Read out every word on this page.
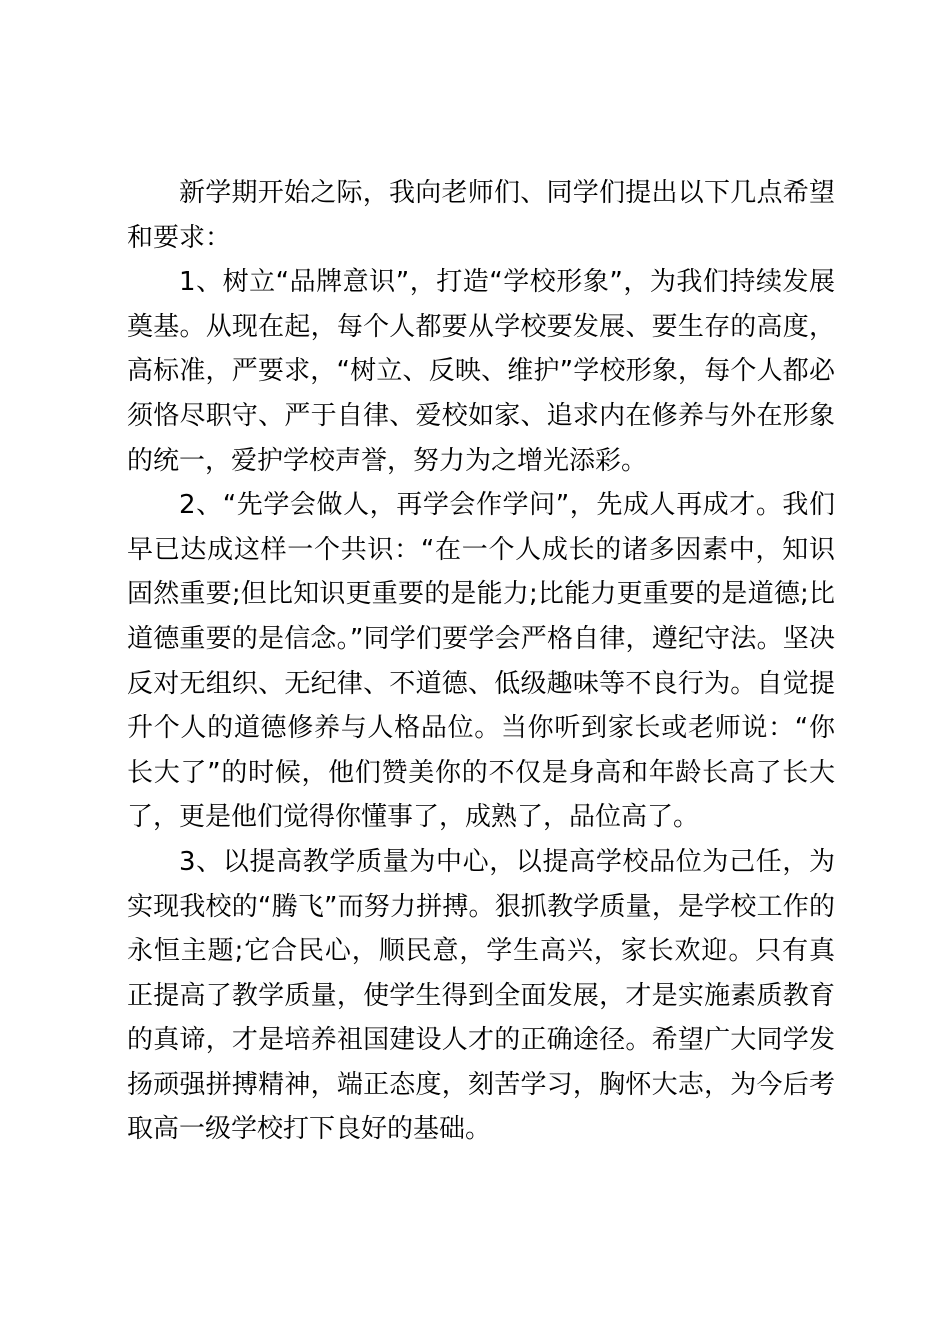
新学期开始之际，我向老师们、同学们提出以下几点希望和要求：

1、树立“品牌意识”，打造“学校形象”，为我们持续发展奠基。从现在起，每个人都要从学校要发展、要生存的高度，高标准，严要求，“树立、反映、维护”学校形象，每个人都必须恪尽职守、严于自律、爱校如家、追求内在修养与外在形象的统一，爱护学校声誉，努力为之增光添彩。

2、“先学会做人，再学会作学问”，先成人再成才。我们早已达成这样一个共识：“在一个人成长的诸多因素中，知识固然重要;但比知识更重要的是能力;比能力更重要的是道德;比道德重要的是信念。”同学们要学会严格自律，遵纪守法。坚决反对无组织、无纪律、不道德、低级趣味等不良行为。自觉提升个人的道德修养与人格品位。当你听到家长或老师说：“你长大了”的时候，他们赞美你的不仅是身高和年龄长高了长大了，更是他们觉得你懂事了，成熟了，品位高了。

3、以提高教学质量为中心，以提高学校品位为己任，为实现我校的“腾飞”而努力拼搏。狠抓教学质量，是学校工作的永恒主题;它合民心，顺民意，学生高兴，家长欢迎。只有真正提高了教学质量，使学生得到全面发展，才是实施素质教育的真谛，才是培养祖国建设人才的正确途径。希望广大同学发扬顽强拼搏精神，端正态度，刻苦学习，胸怀大志，为今后考取高一级学校打下良好的基础。
